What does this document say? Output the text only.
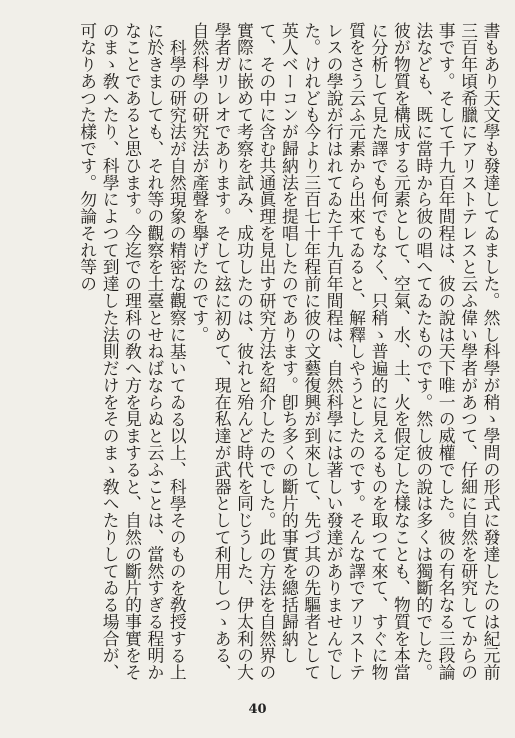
書もあり天文學も發達してゐました。然し科學が稍ゝ學問の形式に發達したのは紀元前三百年頃希臘にアリストテレスと云ふ偉い學者があつて、仔細に自然を研究してからの事です。そして千九百年間程は、彼の說は天下唯一の威權でした。彼の有名なる三段論法なども、既に當時から彼の唱へてゐたものです。然し彼の說は多くは獨斷的でした。彼が物質を構成する元素として、空氣、水、土、火を假定した樣なことも、物質を本當に分析して見た譯でも何でもなく、只稍ゝ普遍的に見えるものを取つて來て、すぐに物質をさう云ふ元素から出來てゐると、解釋しやうとしたのです。そんな譯でアリストテレスの學說が行はれてゐた千九百年間程は、自然科學には著しい發達がありませんでした。けれども今より三百七十年程前に彼の文藝復興が到來して、先づ其の先驅者として英人ベーコンが歸納法を提唱したのであります。卽ち多くの斷片的事實を總括歸納して、その中に含む共通眞理を見出す研究方法を紹介したのでした。此の方法を自然界の實際に嵌めて考察を試み、成功したのは、彼れと殆んど時代を同じうした、伊太利の大學者ガリレオであります。そして玆に初めて、現在私達が武器として利用しつゝある、自然科學の研究法が產聲を擧げたのです。

科學の研究法が自然現象の精密な觀察に基いてゐる以上、科學そのものを敎授する上に於きましても、それ等の觀察を土臺とせねばならぬと云ふことは、當然すぎる程明かなことであると思ひます。今迄での理科の敎へ方を見ますると、自然の斷片的事實をそのまゝ敎へたり、科學によつて到達した法則だけをそのまゝ敎へたりしてゐる場合が、可なりあつた樣です。勿論それ等の

40
